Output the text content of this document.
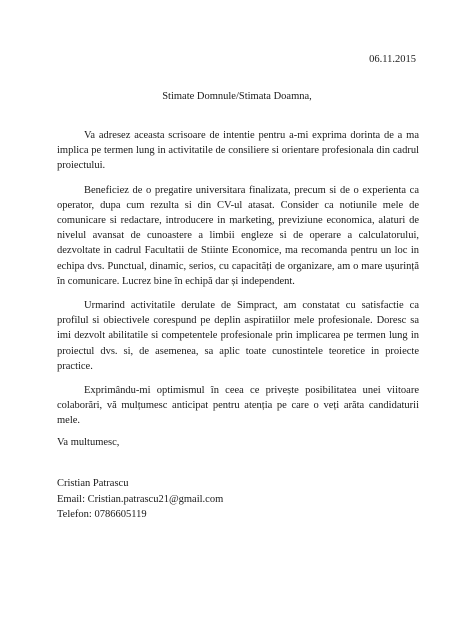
06.11.2015
Stimate Domnule/Stimata Doamna,

Va adresez aceasta scrisoare de intentie pentru a-mi exprima dorinta de a ma implica pe termen lung in activitatile de consiliere si orientare profesionala din cadrul proiectului.

Beneficiez de o pregatire universitara finalizata, precum si de o experienta ca operator, dupa cum rezulta si din CV-ul atasat. Consider ca notiunile mele de comunicare si redactare, introducere in marketing, previziune economica, alaturi de nivelul avansat de cunoastere a limbii engleze si de operare a calculatorului, dezvoltate in cadrul Facultatii de Stiinte Economice, ma recomanda pentru un loc in echipa dvs. Punctual, dinamic, serios, cu capacități de organizare, am o mare ușurință în comunicare. Lucrez bine în echipă dar și independent.

Urmarind activitatile derulate de Simpract, am constatat cu satisfactie ca profilul si obiectivele corespund pe deplin aspiratiilor mele profesionale. Doresc sa imi dezvolt abilitatile si competentele profesionale prin implicarea pe termen lung in proiectul dvs. si, de asemenea, sa aplic toate cunostintele teoretice in proiecte practice.

Exprimându-mi optimismul în ceea ce privește posibilitatea unei viitoare colaborări, vă mulțumesc anticipat pentru atenția pe care o veți arăta candidaturii mele.

Va multumesc,
Cristian Patrascu
Email: Cristian.patrascu21@gmail.com
Telefon: 0786605119
